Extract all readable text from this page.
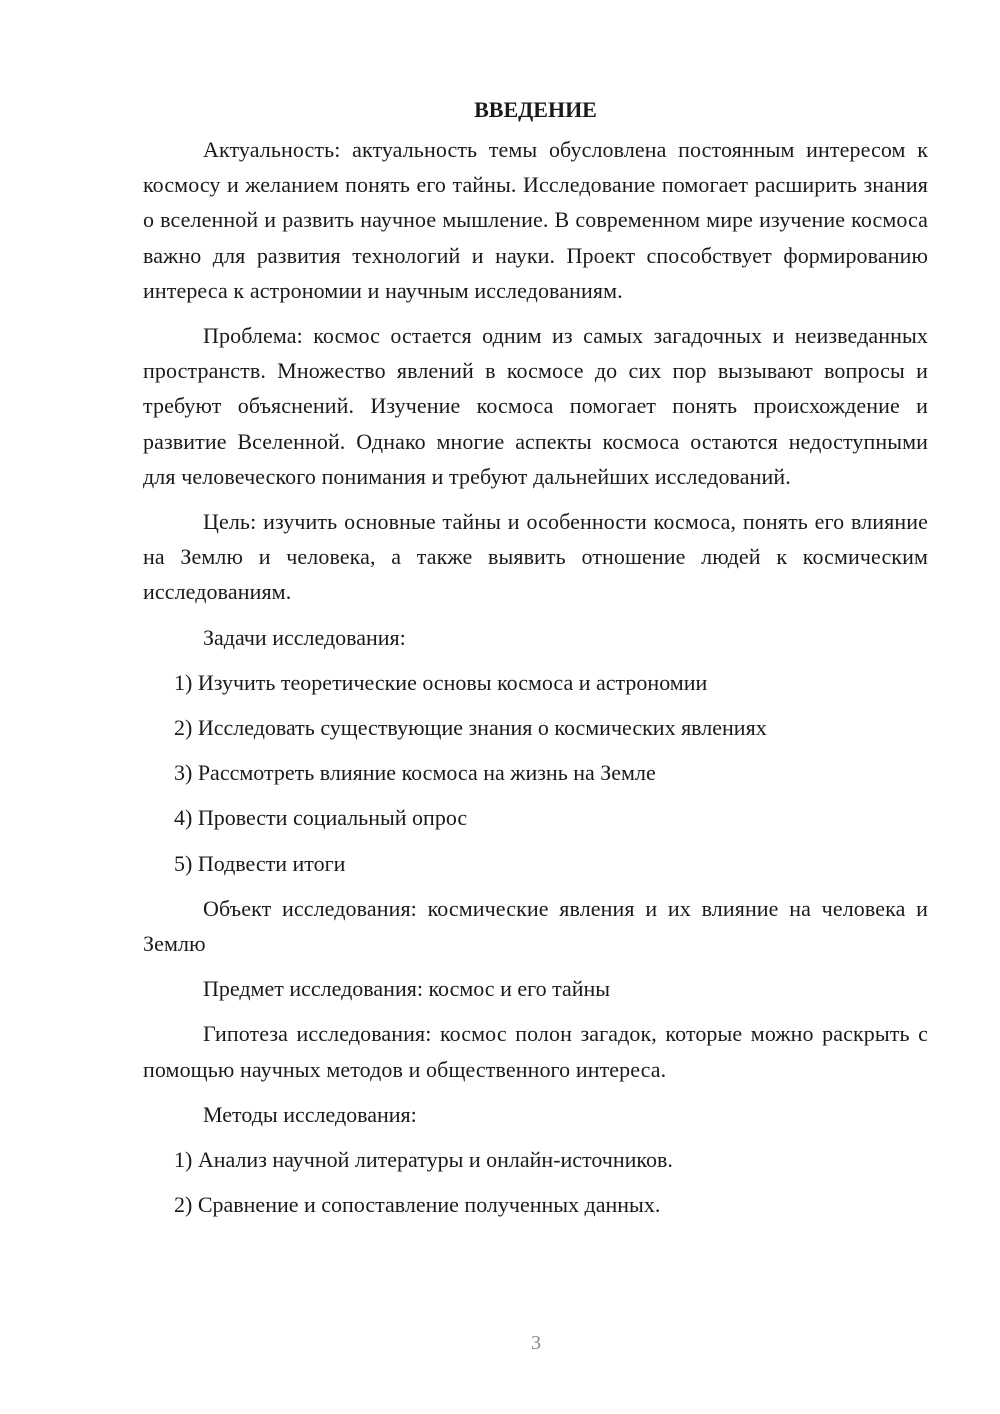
ВВЕДЕНИЕ

Актуальность: актуальность темы обусловлена постоянным интересом к космосу и желанием понять его тайны. Исследование помогает расширить знания о вселенной и развить научное мышление. В современном мире изучение космоса важно для развития технологий и науки. Проект способствует формированию интереса к астрономии и научным исследованиям.

Проблема: космос остается одним из самых загадочных и неизведанных пространств. Множество явлений в космосе до сих пор вызывают вопросы и требуют объяснений. Изучение космоса помогает понять происхождение и развитие Вселенной. Однако многие аспекты космоса остаются недоступными для человеческого понимания и требуют дальнейших исследований.

Цель: изучить основные тайны и особенности космоса, понять его влияние на Землю и человека, а также выявить отношение людей к космическим исследованиям.

Задачи исследования:

1) Изучить теоретические основы космоса и астрономии
2) Исследовать существующие знания о космических явлениях
3) Рассмотреть влияние космоса на жизнь на Земле
4) Провести социальный опрос
5) Подвести итоги

Объект исследования: космические явления и их влияние на человека и Землю

Предмет исследования: космос и его тайны

Гипотеза исследования: космос полон загадок, которые можно раскрыть с помощью научных методов и общественного интереса.

Методы исследования:

1) Анализ научной литературы и онлайн-источников.
2) Сравнение и сопоставление полученных данных.
3
